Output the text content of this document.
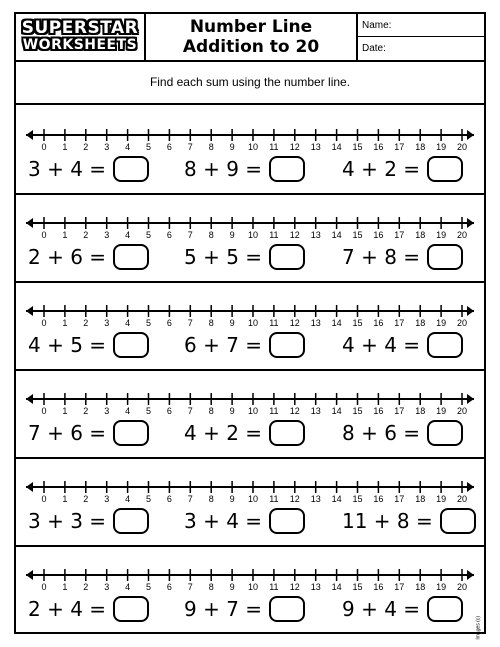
SUPERSTAR
WORKSHEETS
Number Line
Addition to 20
Name:
Date:
Find each sum using the number line.
0 1 2 3 4 5 6 7 8 9 10 11 12 13 14 15 16 17 18 19 20
3 + 4 =	8 + 9 =	4 + 2 =
0 1 2 3 4 5 6 7 8 9 10 11 12 13 14 15 16 17 18 19 20
2 + 6 =	5 + 5 =	7 + 8 =
0 1 2 3 4 5 6 7 8 9 10 11 12 13 14 15 16 17 18 19 20
4 + 5 =	6 + 7 =	4 + 4 =
0 1 2 3 4 5 6 7 8 9 10 11 12 13 14 15 16 17 18 19 20
7 + 6 =	4 + 2 =	8 + 6 =
0 1 2 3 4 5 6 7 8 9 10 11 12 13 14 15 16 17 18 19 20
3 + 3 =	3 + 4 =	11 + 8 =
0 1 2 3 4 5 6 7 8 9 10 11 12 13 14 15 16 17 18 19 20
2 + 4 =	9 + 7 =	9 + 4 =
Images (c)
